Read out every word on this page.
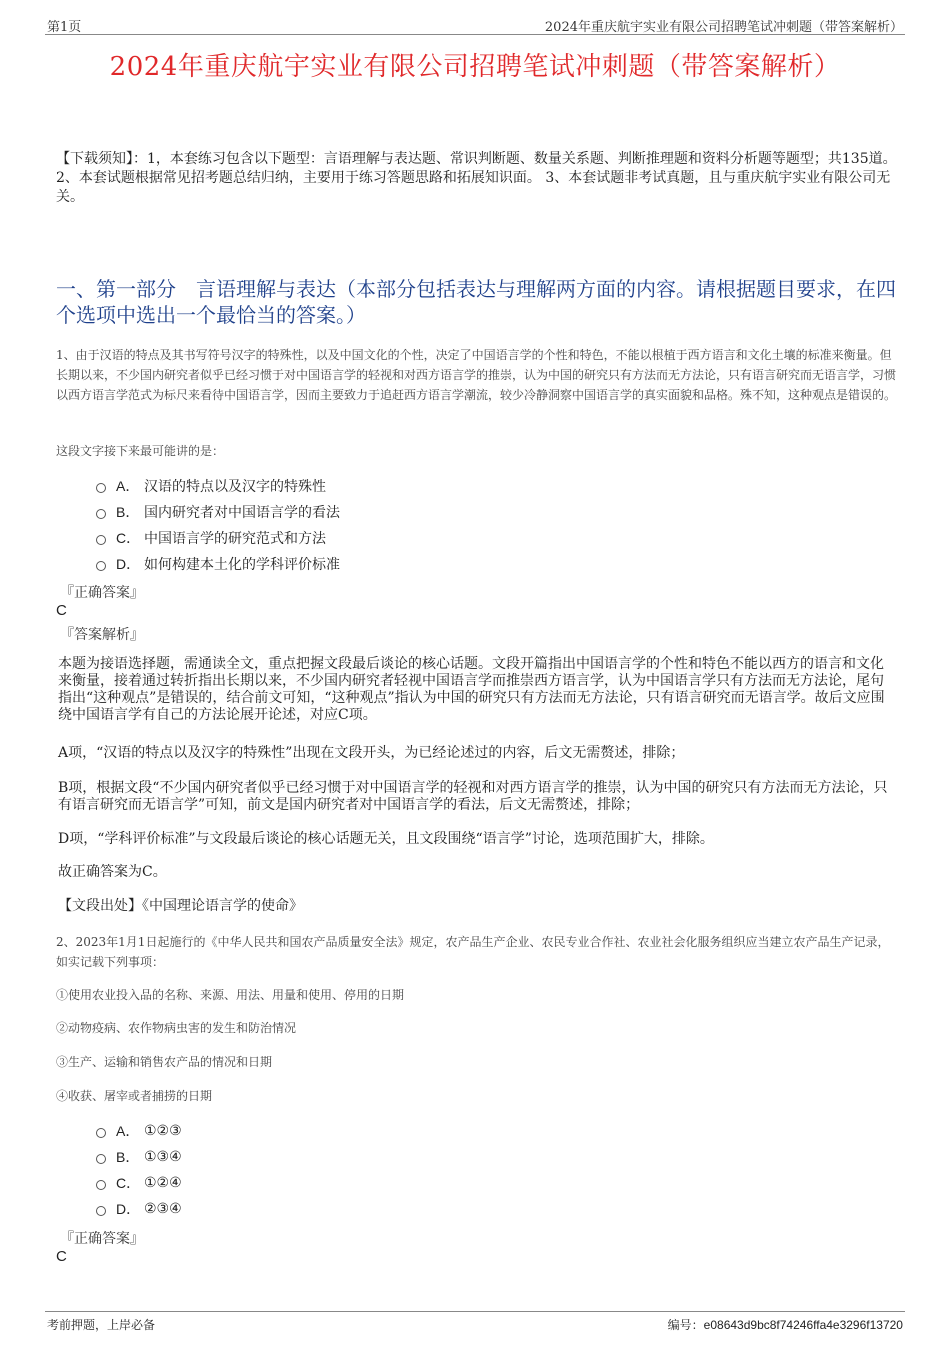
第1页	2024年重庆航宇实业有限公司招聘笔试冲刺题（带答案解析）
2024年重庆航宇实业有限公司招聘笔试冲刺题（带答案解析）
【下载须知】：1，本套练习包含以下题型：言语理解与表达题、常识判断题、数量关系题、判断推理题和资料分析题等题型；共135道。 2、本套试题根据常见招考题总结归纳，主要用于练习答题思路和拓展知识面。 3、本套试题非考试真题，且与重庆航宇实业有限公司无关。
一、第一部分　言语理解与表达（本部分包括表达与理解两方面的内容。请根据题目要求，在四个选项中选出一个最恰当的答案。）
1、由于汉语的特点及其书写符号汉字的特殊性，以及中国文化的个性，决定了中国语言学的个性和特色，不能以根植于西方语言和文化土壤的标准来衡量。但长期以来，不少国内研究者似乎已经习惯于对中国语言学的轻视和对西方语言学的推崇，认为中国的研究只有方法而无方法论，只有语言研究而无语言学，习惯以西方语言学范式为标尺来看待中国语言学，因而主要致力于追赶西方语言学潮流，较少冷静洞察中国语言学的真实面貌和品格。殊不知，这种观点是错误的。
这段文字接下来最可能讲的是：
A． 汉语的特点以及汉字的特殊性
B． 国内研究者对中国语言学的看法
C． 中国语言学的研究范式和方法
D． 如何构建本土化的学科评价标准
『正确答案』
C
『答案解析』
本题为接语选择题，需通读全文，重点把握文段最后谈论的核心话题。文段开篇指出中国语言学的个性和特色不能以西方的语言和文化来衡量，接着通过转折指出长期以来，不少国内研究者轻视中国语言学而推崇西方语言学，认为中国语言学只有方法而无方法论，尾句指出“这种观点”是错误的，结合前文可知，“这种观点”指认为中国的研究只有方法而无方法论，只有语言研究而无语言学。故后文应围绕中国语言学有自己的方法论展开论述，对应C项。
A项，“汉语的特点以及汉字的特殊性”出现在文段开头，为已经论述过的内容，后文无需赘述，排除；
B项，根据文段“不少国内研究者似乎已经习惯于对中国语言学的轻视和对西方语言学的推崇，认为中国的研究只有方法而无方法论，只有语言研究而无语言学”可知，前文是国内研究者对中国语言学的看法，后文无需赘述，排除；
D项，“学科评价标准”与文段最后谈论的核心话题无关，且文段围绕“语言学”讨论，选项范围扩大，排除。
故正确答案为C。
【文段出处】《中国理论语言学的使命》
2、2023年1月1日起施行的《中华人民共和国农产品质量安全法》规定，农产品生产企业、农民专业合作社、农业社会化服务组织应当建立农产品生产记录，如实记载下列事项：
①使用农业投入品的名称、来源、用法、用量和使用、停用的日期
②动物疫病、农作物病虫害的发生和防治情况
③生产、运输和销售农产品的情况和日期
④收获、屠宰或者捕捞的日期
A． ①②③
B． ①③④
C． ①②④
D． ②③④
『正确答案』
C
考前押题，上岸必备	编号：e08643d9bc8f74246ffa4e3296f13720
